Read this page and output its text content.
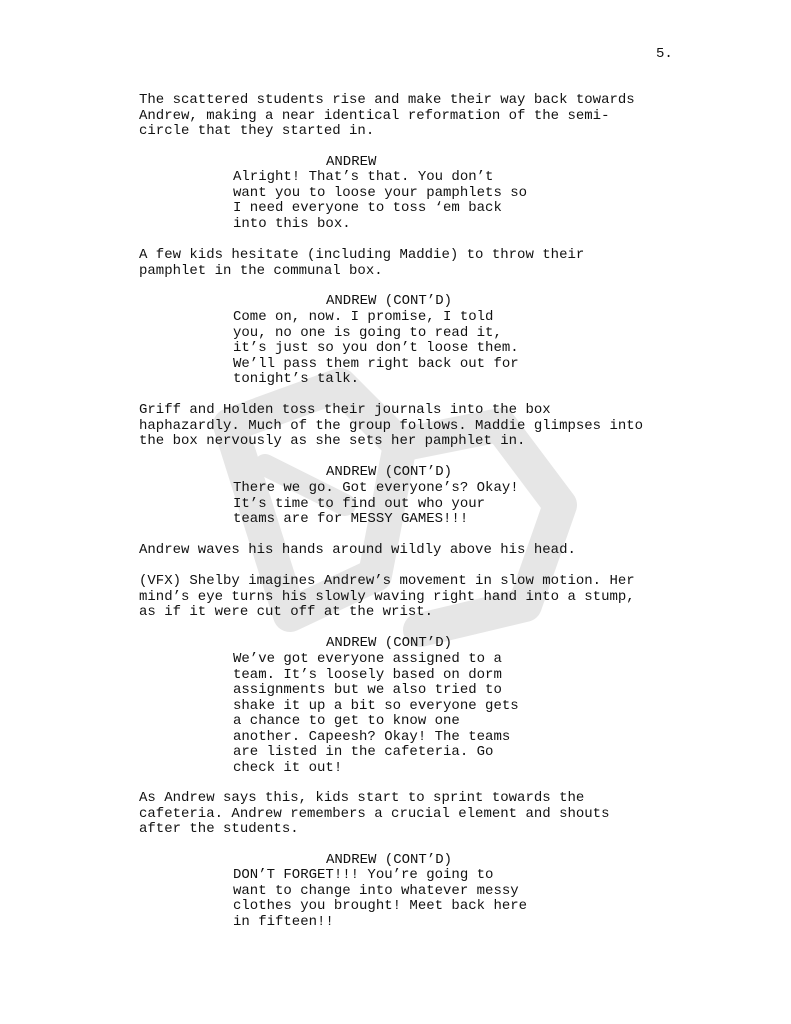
5.
The scattered students rise and make their way back towards
Andrew, making a near identical reformation of the semi-
circle that they started in.
ANDREW
Alright! That’s that. You don’t
want you to loose your pamphlets so
I need everyone to toss ‘em back
into this box.
A few kids hesitate (including Maddie) to throw their
pamphlet in the communal box.
ANDREW (CONT’D)
Come on, now. I promise, I told
you, no one is going to read it,
it’s just so you don’t loose them.
We’ll pass them right back out for
tonight’s talk.
Griff and Holden toss their journals into the box
haphazardly. Much of the group follows. Maddie glimpses into
the box nervously as she sets her pamphlet in.
ANDREW (CONT’D)
There we go. Got everyone’s? Okay!
It’s time to find out who your
teams are for MESSY GAMES!!!
Andrew waves his hands around wildly above his head.
(VFX) Shelby imagines Andrew’s movement in slow motion. Her
mind’s eye turns his slowly waving right hand into a stump,
as if it were cut off at the wrist.
ANDREW (CONT’D)
We’ve got everyone assigned to a
team. It’s loosely based on dorm
assignments but we also tried to
shake it up a bit so everyone gets
a chance to get to know one
another. Capeesh? Okay! The teams
are listed in the cafeteria. Go
check it out!
As Andrew says this, kids start to sprint towards the
cafeteria. Andrew remembers a crucial element and shouts
after the students.
ANDREW (CONT’D)
DON’T FORGET!!! You’re going to
want to change into whatever messy
clothes you brought! Meet back here
in fifteen!!
